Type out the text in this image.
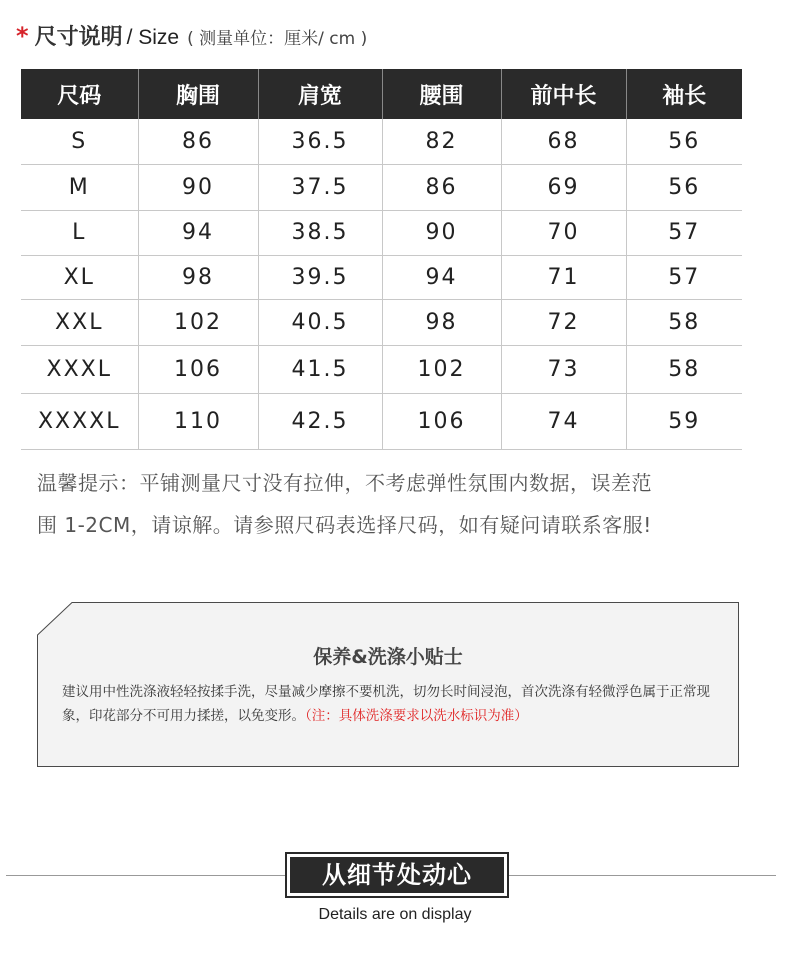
* 尺寸说明 / Size ( 测量单位：厘米/ cm )
尺码	胸围	肩宽	腰围	前中长	袖长
S	86	36.5	82	68	56
M	90	37.5	86	69	56
L	94	38.5	90	70	57
XL	98	39.5	94	71	57
XXL	102	40.5	98	72	58
XXXL	106	41.5	102	73	58
XXXXL	110	42.5	106	74	59
温馨提示：平铺测量尺寸没有拉伸，不考虑弹性氛围内数据，误差范
围 1-2CM，请谅解。请参照尺码表选择尺码，如有疑问请联系客服!
保养&洗涤小贴士
建议用中性洗涤液轻轻按揉手洗，尽量减少摩擦不要机洗，切勿长时间浸泡，首次洗涤有轻微浮色属于正常现象，印花部分不可用力揉搓，以免变形。（注：具体洗涤要求以洗水标识为准）
从细节处动心
Details are on display
